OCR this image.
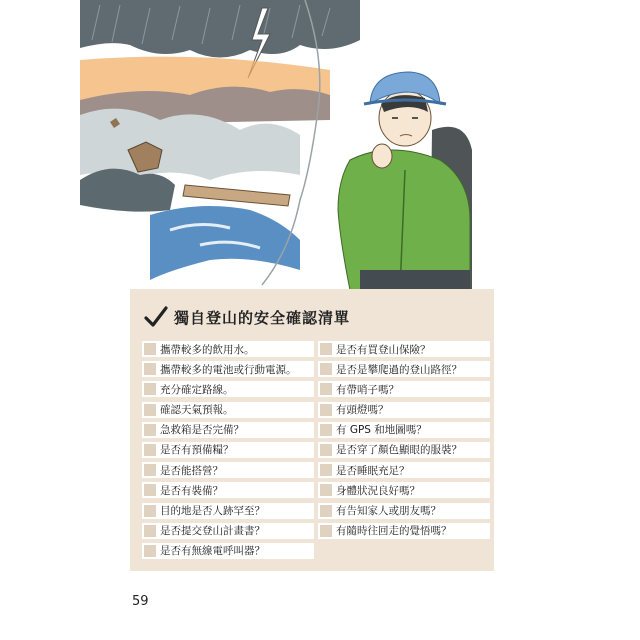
獨自登山的安全確認清單
攜帶較多的飲用水。
攜帶較多的電池或行動電源。
充分確定路線。
確認天氣預報。
急救箱是否完備？
是否有預備糧？
是否能搭營？
是否有裝備？
目的地是否人跡罕至？
是否提交登山計畫書？
是否有無線電呼叫器？
是否有買登山保險？
是否是攀爬過的登山路徑？
有帶哨子嗎？
有頭燈嗎？
有 GPS 和地圖嗎？
是否穿了顏色顯眼的服裝？
是否睡眠充足？
身體狀況良好嗎？
有告知家人或朋友嗎？
有隨時往回走的覺悟嗎？
59
